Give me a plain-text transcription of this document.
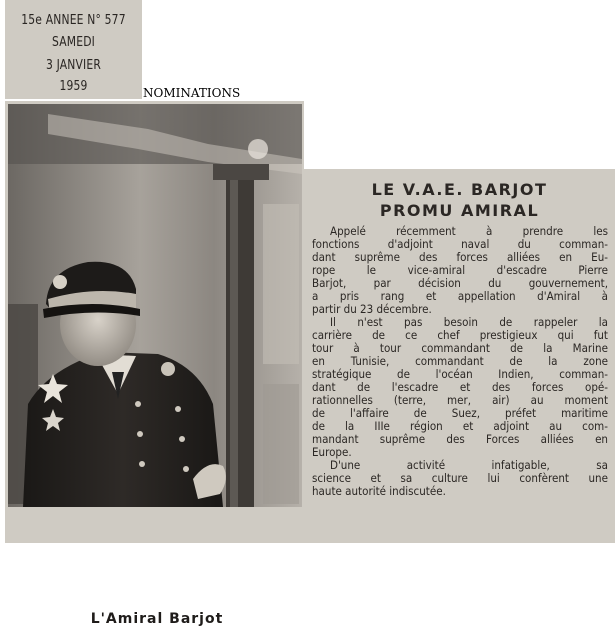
15e ANNEE N° 577
SAMEDI
3 JANVIER
1959	NOMINATIONS
L'Amiral Barjot
LE V.A.E. BARJOT
PROMU AMIRAL
Appelé récemment à prendre les
fonctions d'adjoint naval du comman-
dant suprême des forces alliées en Eu-
rope le vice-amiral d'escadre Pierre
Barjot, par décision du gouvernement,
a pris rang et appellation d'Amiral à
partir du 23 décembre.
Il n'est pas besoin de rappeler la
carrière de ce chef prestigieux qui fut
tour à tour commandant de la Marine
en Tunisie, commandant de la zone
stratégique de l'océan Indien, comman-
dant de l'escadre et des forces opé-
rationnelles (terre, mer, air) au moment
de l'affaire de Suez, préfet maritime
de la IIIe région et adjoint au com-
mandant suprême des Forces alliées en
Europe.
D'une activité infatigable, sa
science et sa culture lui confèrent une
haute autorité indiscutée.
